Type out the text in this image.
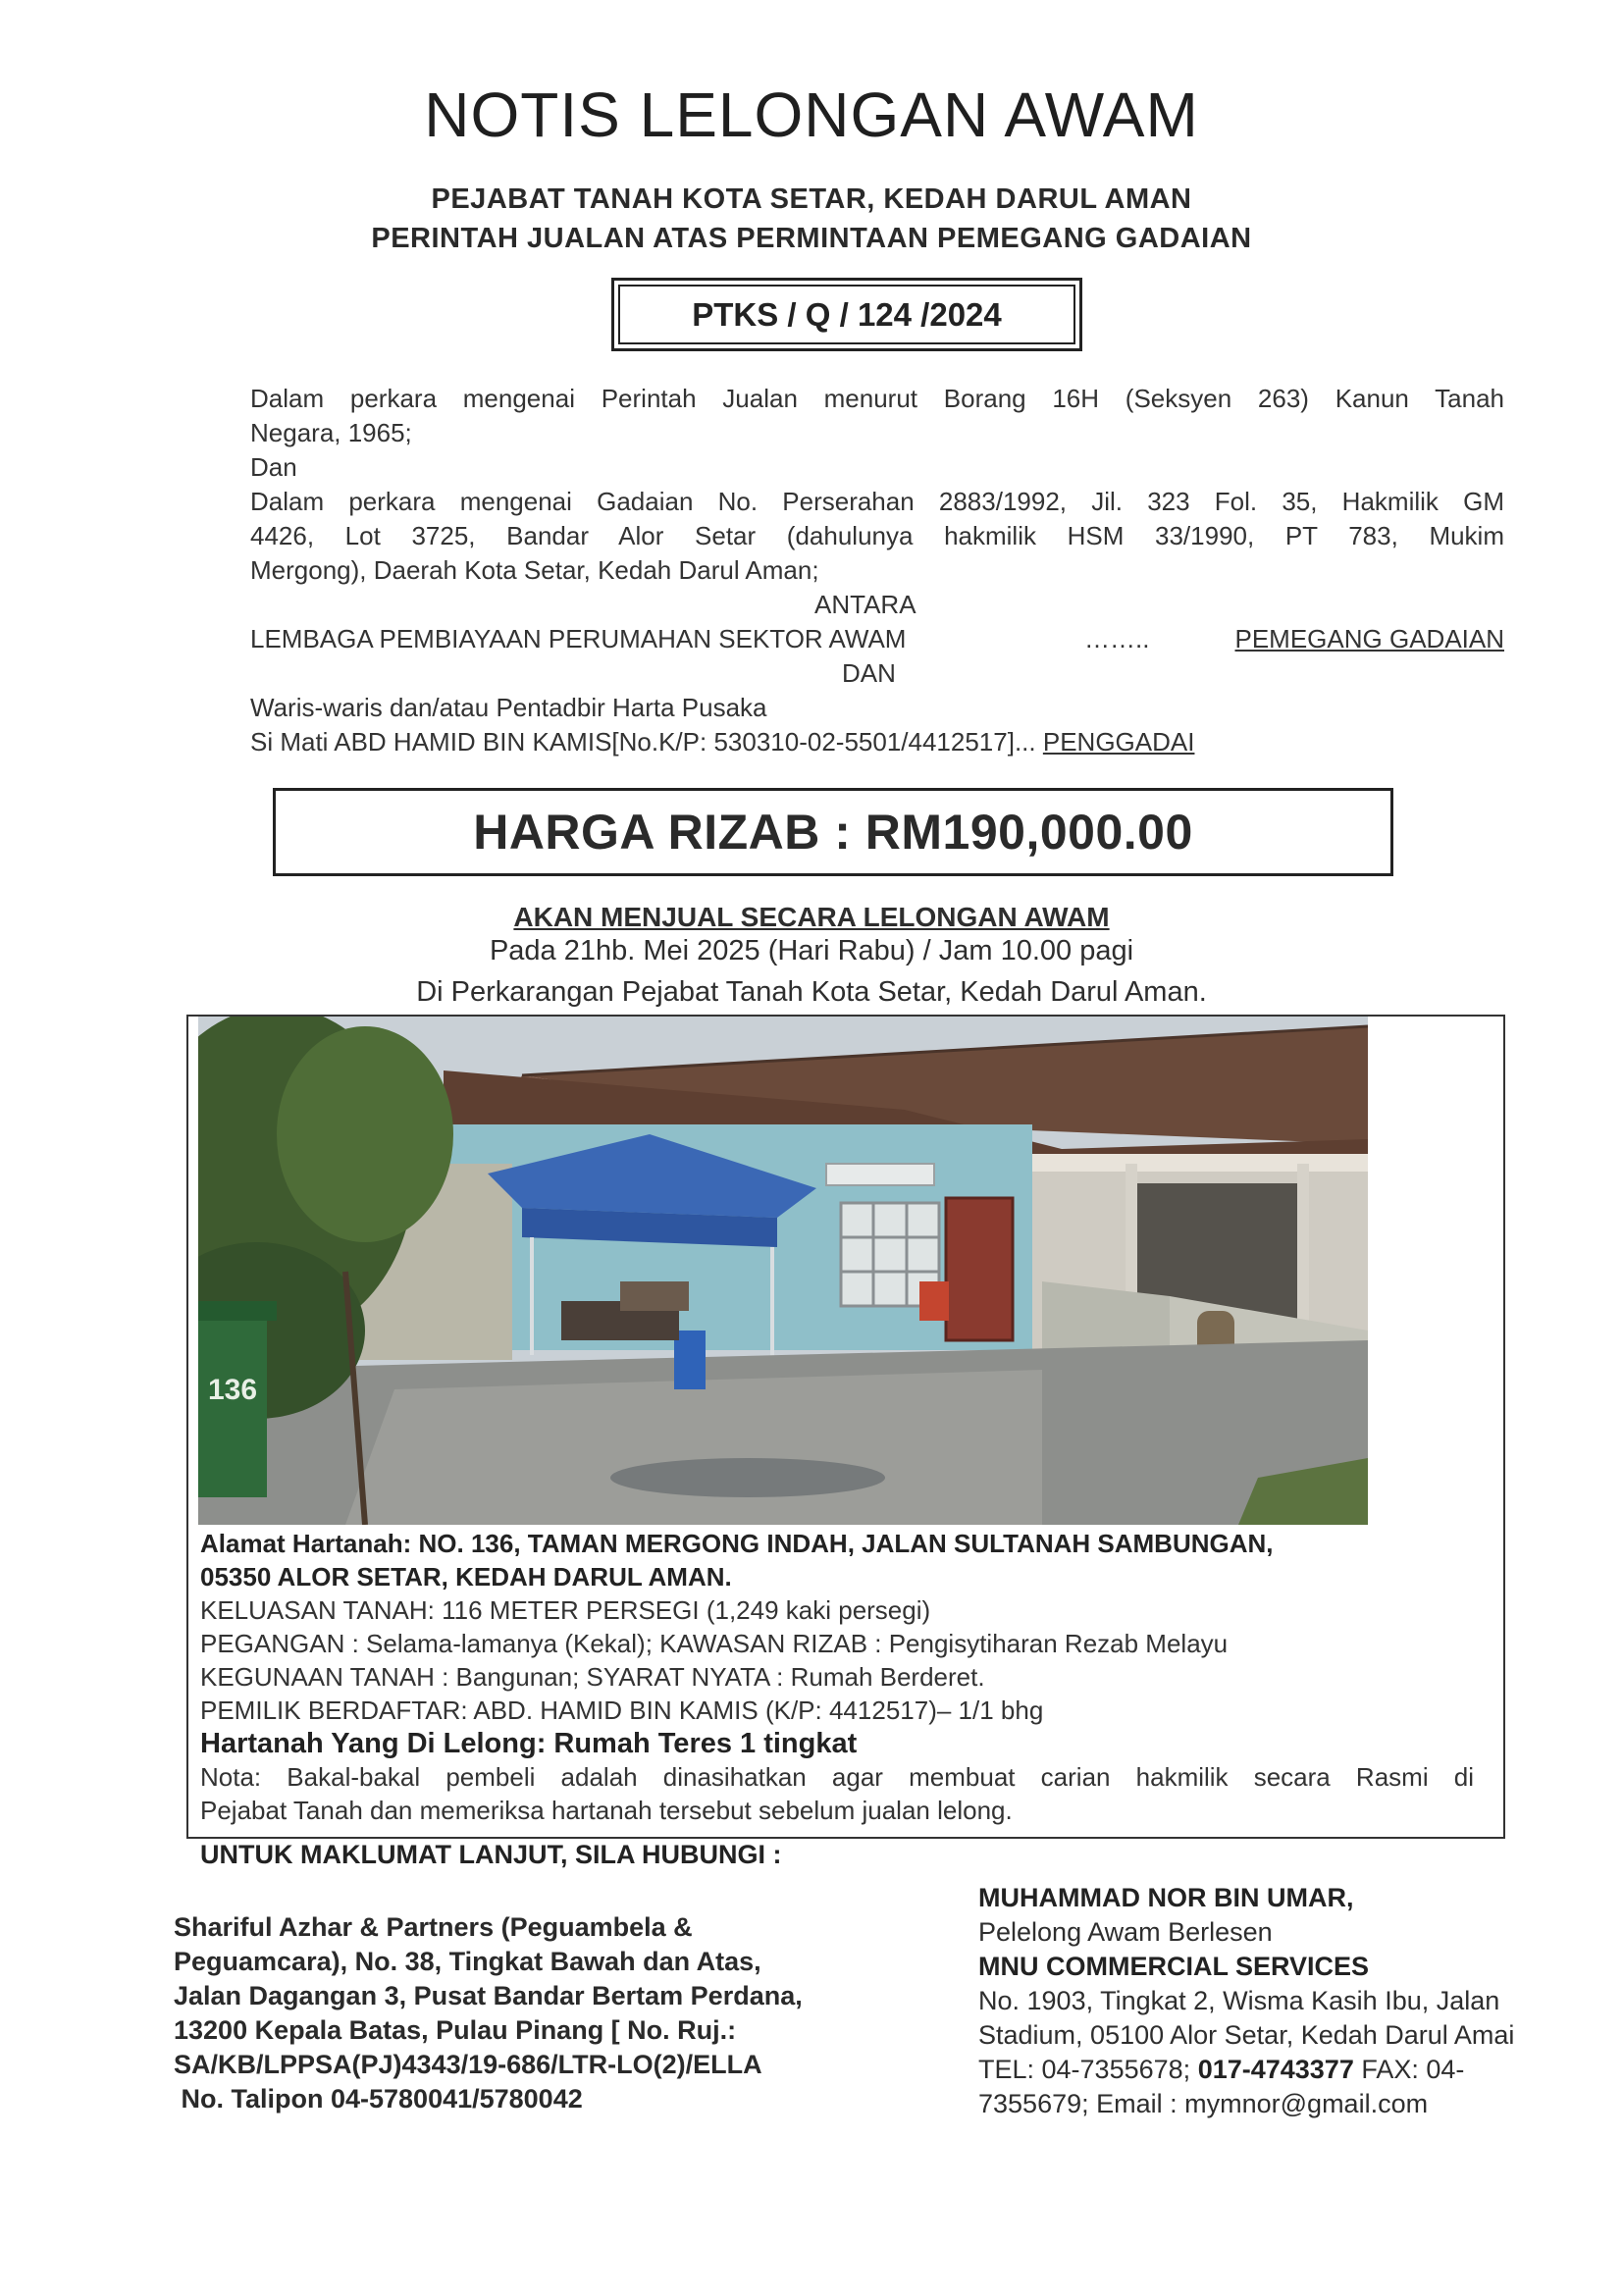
NOTIS LELONGAN AWAM
PEJABAT TANAH KOTA SETAR, KEDAH DARUL AMAN
PERINTAH JUALAN ATAS PERMINTAAN PEMEGANG GADAIAN
PTKS / Q / 124 /2024
Dalam perkara mengenai Perintah Jualan menurut Borang 16H (Seksyen 263) Kanun Tanah
Negara, 1965;
Dan
Dalam perkara mengenai Gadaian No. Perserahan 2883/1992, Jil. 323 Fol. 35, Hakmilik GM
4426, Lot 3725, Bandar Alor Setar (dahulunya hakmilik HSM 33/1990, PT 783, Mukim
Mergong), Daerah Kota Setar, Kedah Darul Aman;
ANTARA
LEMBAGA PEMBIAYAAN PERUMAHAN SEKTOR AWAM	……..	PEMEGANG GADAIAN
DAN
Waris-waris dan/atau Pentadbir Harta Pusaka
Si Mati ABD HAMID BIN KAMIS[No.K/P: 530310-02-5501/4412517]... PENGGADAI
HARGA RIZAB : RM190,000.00
AKAN MENJUAL SECARA LELONGAN AWAM
Pada 21hb. Mei 2025 (Hari Rabu) / Jam 10.00 pagi
Di Perkarangan Pejabat Tanah Kota Setar, Kedah Darul Aman.
136
Alamat Hartanah: NO. 136, TAMAN MERGONG INDAH, JALAN SULTANAH SAMBUNGAN,
05350 ALOR SETAR, KEDAH DARUL AMAN.
KELUASAN TANAH: 116 METER PERSEGI (1,249 kaki persegi)
PEGANGAN : Selama-lamanya (Kekal); KAWASAN RIZAB : Pengisytiharan Rezab Melayu
KEGUNAAN TANAH : Bangunan; SYARAT NYATA : Rumah Berderet.
PEMILIK BERDAFTAR: ABD. HAMID BIN KAMIS (K/P: 4412517)– 1/1 bhg
Hartanah Yang Di Lelong: Rumah Teres 1 tingkat
Nota: Bakal-bakal pembeli adalah dinasihatkan agar membuat carian hakmilik secara Rasmi di
Pejabat Tanah dan memeriksa hartanah tersebut sebelum jualan lelong.
UNTUK MAKLUMAT LANJUT, SILA HUBUNGI :
Shariful Azhar & Partners (Peguambela &
Peguamcara), No. 38, Tingkat Bawah dan Atas,
Jalan Dagangan 3, Pusat Bandar Bertam Perdana,
13200 Kepala Batas, Pulau Pinang [ No. Ruj.:
SA/KB/LPPSA(PJ)4343/19-686/LTR-LO(2)/ELLA
No. Talipon 04-5780041/5780042
MUHAMMAD NOR BIN UMAR,
Pelelong Awam Berlesen
MNU COMMERCIAL SERVICES
No. 1903, Tingkat 2, Wisma Kasih Ibu, Jalan
Stadium, 05100 Alor Setar, Kedah Darul Amai
TEL: 04-7355678; 017-4743377 FAX: 04-
7355679; Email : mymnor@gmail.com
